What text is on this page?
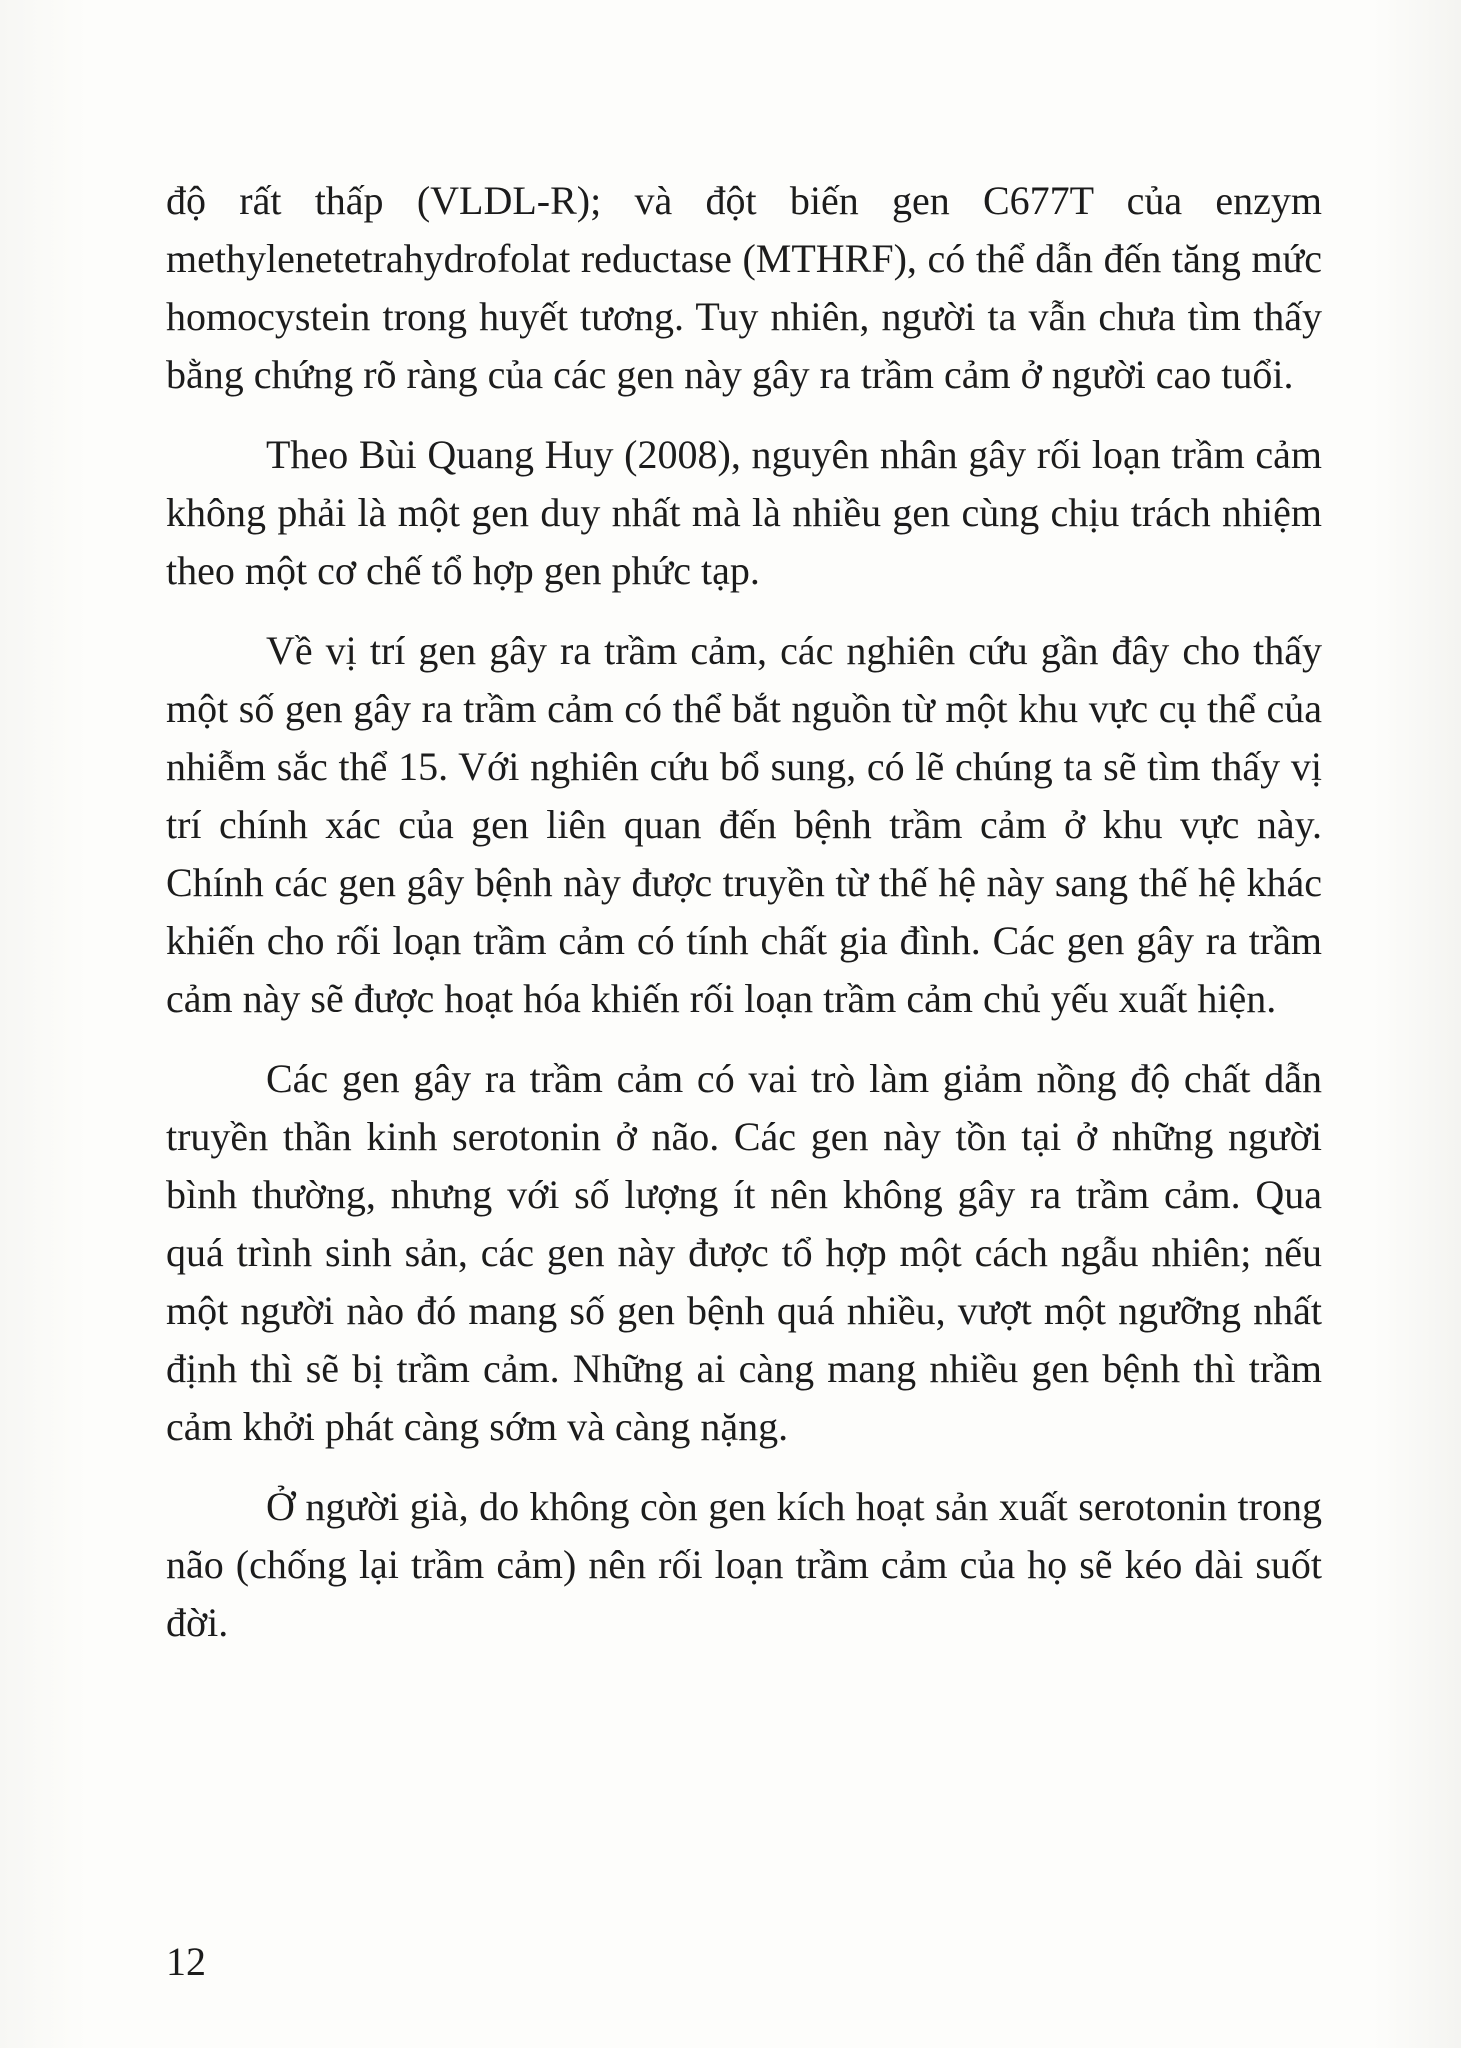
độ rất thấp (VLDL-R); và đột biến gen C677T của enzym methylenetetrahydrofolat reductase (MTHRF), có thể dẫn đến tăng mức homocystein trong huyết tương. Tuy nhiên, người ta vẫn chưa tìm thấy bằng chứng rõ ràng của các gen này gây ra trầm cảm ở người cao tuổi.

Theo Bùi Quang Huy (2008), nguyên nhân gây rối loạn trầm cảm không phải là một gen duy nhất mà là nhiều gen cùng chịu trách nhiệm theo một cơ chế tổ hợp gen phức tạp.

Về vị trí gen gây ra trầm cảm, các nghiên cứu gần đây cho thấy một số gen gây ra trầm cảm có thể bắt nguồn từ một khu vực cụ thể của nhiễm sắc thể 15. Với nghiên cứu bổ sung, có lẽ chúng ta sẽ tìm thấy vị trí chính xác của gen liên quan đến bệnh trầm cảm ở khu vực này. Chính các gen gây bệnh này được truyền từ thế hệ này sang thế hệ khác khiến cho rối loạn trầm cảm có tính chất gia đình. Các gen gây ra trầm cảm này sẽ được hoạt hóa khiến rối loạn trầm cảm chủ yếu xuất hiện.

Các gen gây ra trầm cảm có vai trò làm giảm nồng độ chất dẫn truyền thần kinh serotonin ở não. Các gen này tồn tại ở những người bình thường, nhưng với số lượng ít nên không gây ra trầm cảm. Qua quá trình sinh sản, các gen này được tổ hợp một cách ngẫu nhiên; nếu một người nào đó mang số gen bệnh quá nhiều, vượt một ngưỡng nhất định thì sẽ bị trầm cảm. Những ai càng mang nhiều gen bệnh thì trầm cảm khởi phát càng sớm và càng nặng.

Ở người già, do không còn gen kích hoạt sản xuất serotonin trong não (chống lại trầm cảm) nên rối loạn trầm cảm của họ sẽ kéo dài suốt đời.

12
